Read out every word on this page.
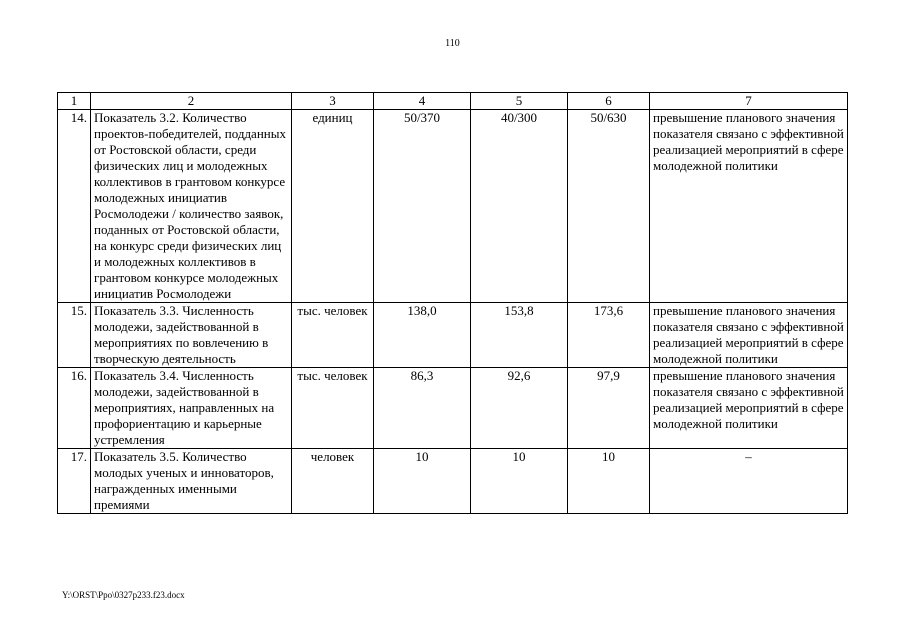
110
1	2	3	4	5	6	7
14.	Показатель 3.2. Количество проектов-победителей, подданных от Ростовской области, среди физических лиц и молодежных коллективов в грантовом конкурсе молодежных инициатив Росмолодежи / количество заявок, поданных от Ростовской области, на конкурс среди физических лиц и молодежных коллективов в грантовом конкурсе молодежных инициатив Росмолодежи	единиц	50/370	40/300	50/630	превышение планового значения показателя связано с эффективной реализацией мероприятий в сфере молодежной политики
15.	Показатель 3.3. Численность молодежи, задействованной в мероприятиях по вовлечению в творческую деятельность	тыс. человек	138,0	153,8	173,6	превышение планового значения показателя связано с эффективной реализацией мероприятий в сфере молодежной политики
16.	Показатель 3.4. Численность молодежи, задействованной в мероприятиях, направленных на профориентацию и карьерные устремления	тыс. человек	86,3	92,6	97,9	превышение планового значения показателя связано с эффективной реализацией мероприятий в сфере молодежной политики
17.	Показатель 3.5. Количество молодых ученых и инноваторов, награжденных именными премиями	человек	10	10	10	–
Y:\ORST\Ppo\0327p233.f23.docx
